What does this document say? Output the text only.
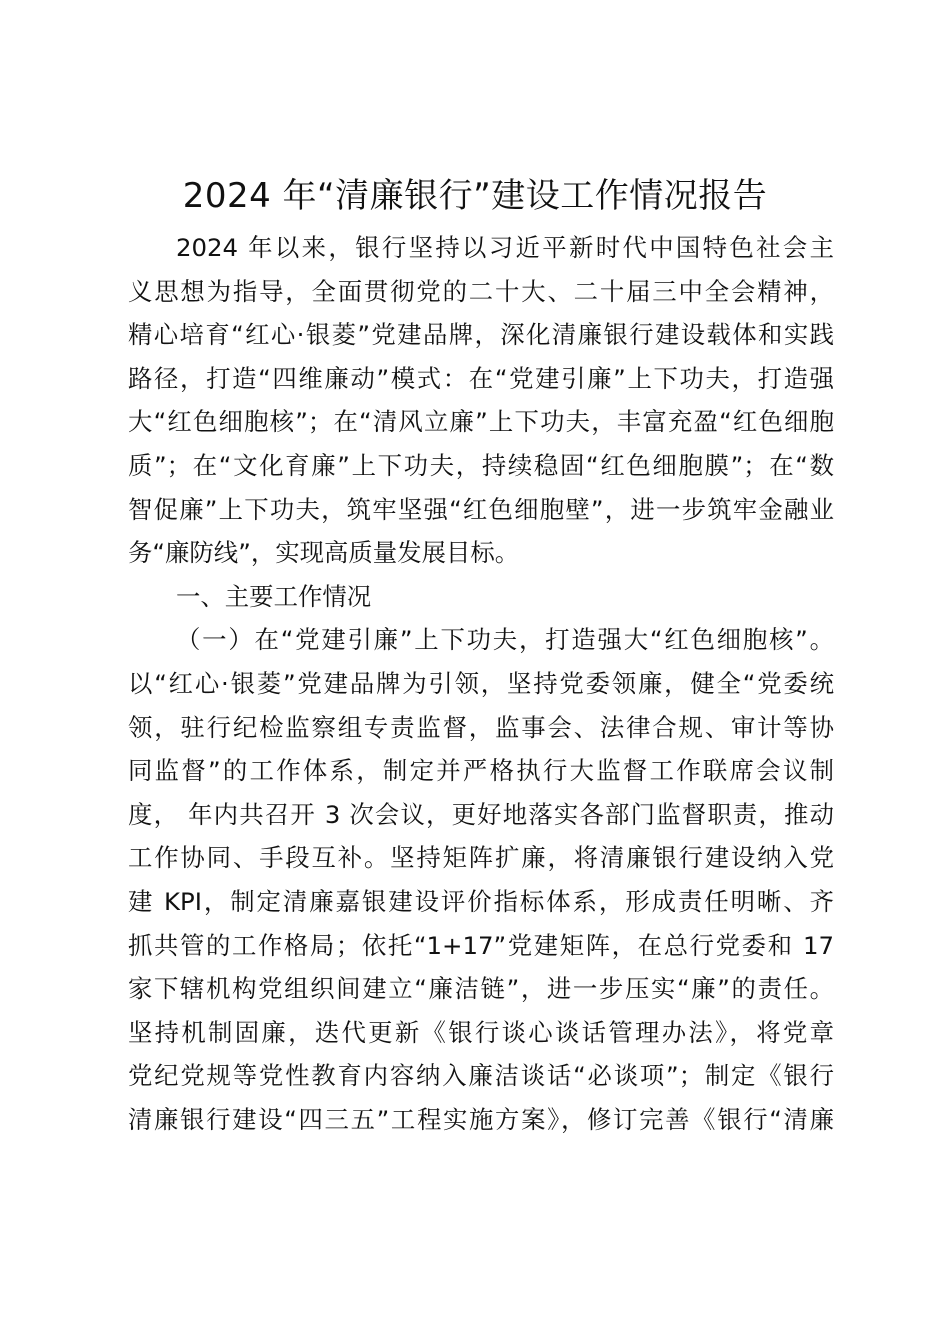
2024 年“清廉银行”建设工作情况报告
2024 年以来，银行坚持以习近平新时代中国特色社会主
义思想为指导，全面贯彻党的二十大、二十届三中全会精神，
精心培育“红心·银菱”党建品牌，深化清廉银行建设载体和实践
路径，打造“四维廉动”模式：在“党建引廉”上下功夫，打造强
大“红色细胞核”；在“清风立廉”上下功夫，丰富充盈“红色细胞
质”；在“文化育廉”上下功夫，持续稳固“红色细胞膜”；在“数
智促廉”上下功夫，筑牢坚强“红色细胞壁”，进一步筑牢金融业
务“廉防线”，实现高质量发展目标。
一、主要工作情况
（一）在“党建引廉”上下功夫，打造强大“红色细胞核”。
以“红心·银菱”党建品牌为引领，坚持党委领廉，健全“党委统
领，驻行纪检监察组专责监督，监事会、法律合规、审计等协
同监督”的工作体系，制定并严格执行大监督工作联席会议制
度， 年内共召开 3 次会议，更好地落实各部门监督职责，推动
工作协同、手段互补。坚持矩阵扩廉，将清廉银行建设纳入党
建 KPI，制定清廉嘉银建设评价指标体系，形成责任明晰、齐
抓共管的工作格局；依托“1+17”党建矩阵，在总行党委和 17
家下辖机构党组织间建立“廉洁链”，进一步压实“廉”的责任。
坚持机制固廉，迭代更新《银行谈心谈话管理办法》，将党章
党纪党规等党性教育内容纳入廉洁谈话“必谈项”；制定《银行
清廉银行建设“四三五”工程实施方案》，修订完善《银行“清廉
